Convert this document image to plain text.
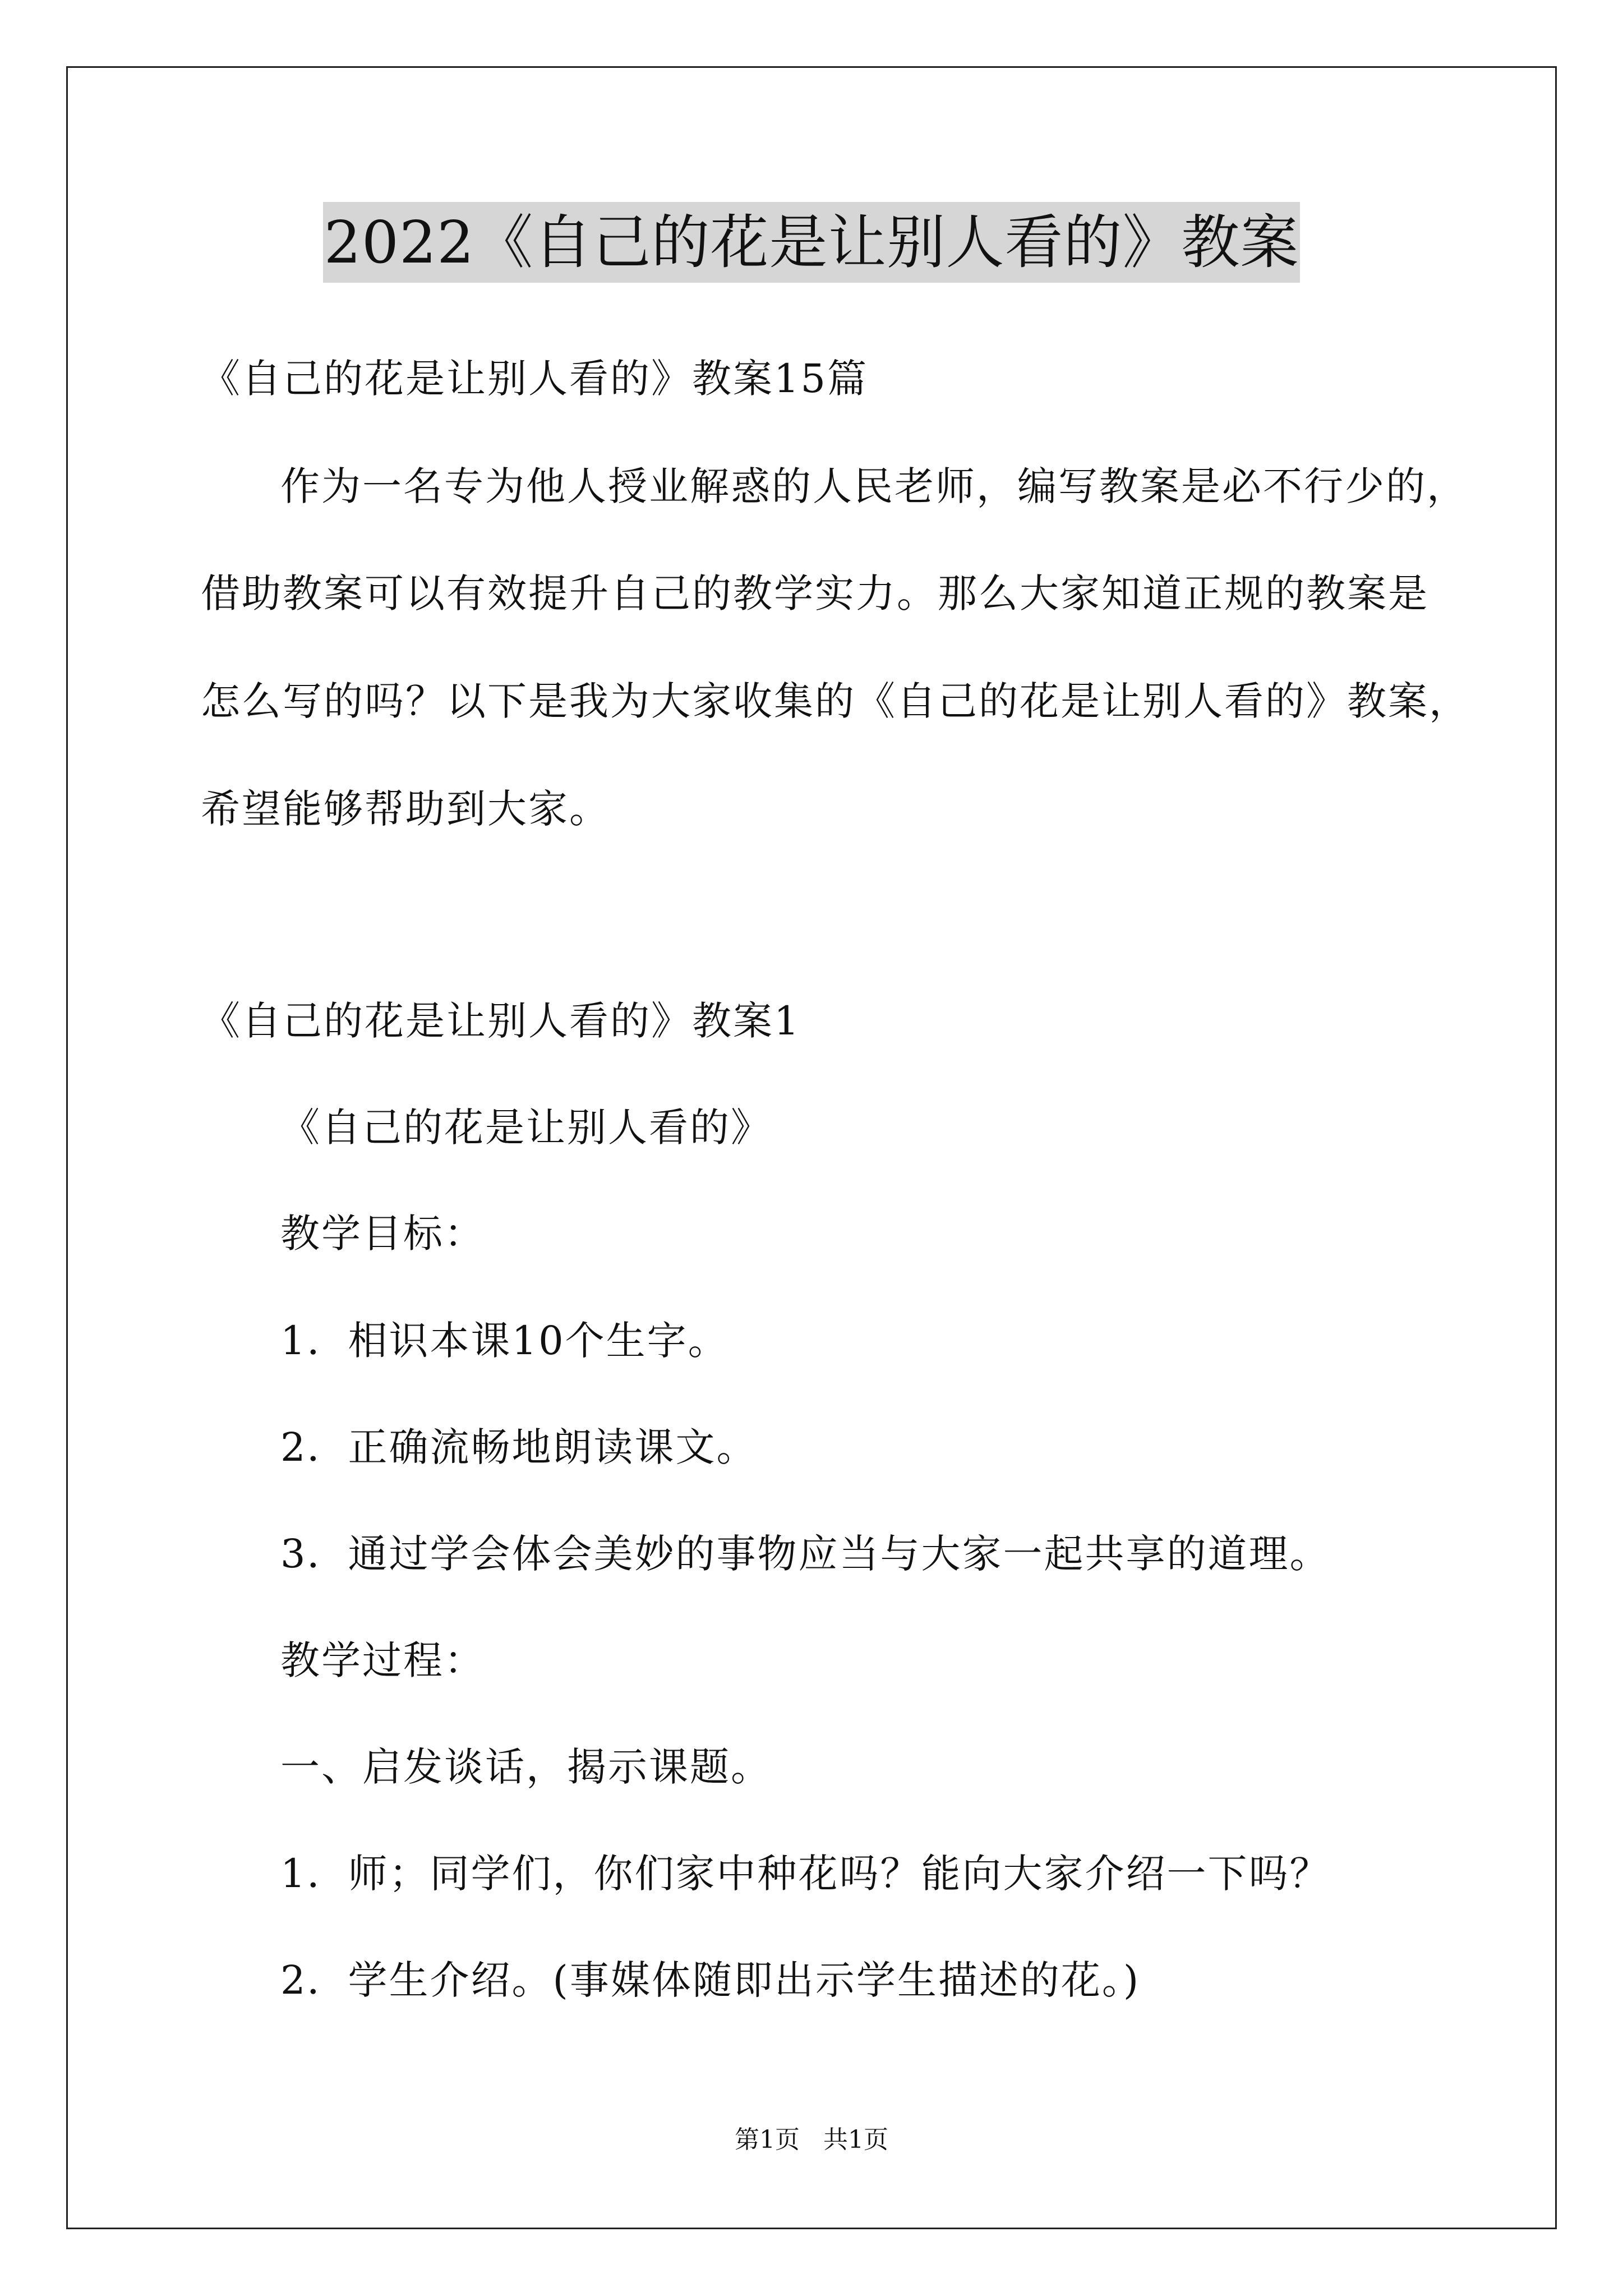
2022《自己的花是让别人看的》教案
《自己的花是让别人看的》教案15篇
作为一名专为他人授业解惑的人民老师，编写教案是必不行少的，
借助教案可以有效提升自己的教学实力。那么大家知道正规的教案是
怎么写的吗？以下是我为大家收集的《自己的花是让别人看的》教案，
希望能够帮助到大家。
《自己的花是让别人看的》教案1
《自己的花是让别人看的》
教学目标：
1．相识本课10个生字。
2．正确流畅地朗读课文。
3．通过学会体会美妙的事物应当与大家一起共享的道理。
教学过程：
一、启发谈话，揭示课题。
1．师；同学们，你们家中种花吗？能向大家介绍一下吗？
2．学生介绍。(事媒体随即出示学生描述的花。)
第1页   共1页
